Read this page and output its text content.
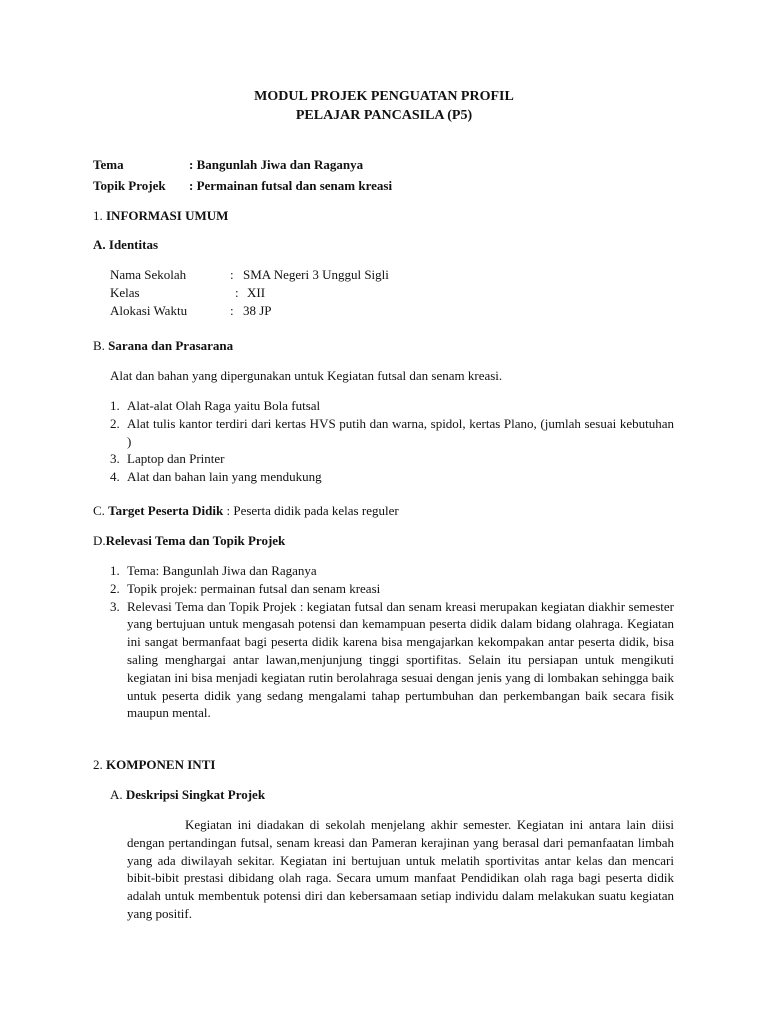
MODUL PROJEK PENGUATAN PROFIL
PELAJAR PANCASILA (P5)
Tema	: Bangunlah Jiwa dan Raganya
Topik Projek : Permainan futsal dan senam kreasi
1. INFORMASI UMUM
A. Identitas
Nama Sekolah	: SMA Negeri 3 Unggul Sigli
Kelas	: XII
Alokasi Waktu	: 38 JP
B. Sarana dan Prasarana
Alat dan bahan yang dipergunakan untuk Kegiatan futsal dan senam kreasi.
1. Alat-alat Olah Raga yaitu Bola futsal
2. Alat tulis kantor terdiri dari kertas HVS putih dan warna, spidol, kertas Plano, (jumlah sesuai kebutuhan )
3. Laptop dan Printer
4. Alat dan bahan lain yang mendukung
C. Target Peserta Didik : Peserta didik pada kelas reguler
D.Relevasi Tema dan Topik Projek
1. Tema: Bangunlah Jiwa dan Raganya
2. Topik projek: permainan futsal dan senam kreasi
3. Relevasi Tema dan Topik Projek : kegiatan futsal dan senam kreasi merupakan kegiatan diakhir semester yang bertujuan untuk mengasah potensi dan kemampuan peserta didik dalam bidang olahraga. Kegiatan ini sangat bermanfaat bagi peserta didik karena bisa mengajarkan kekompakan antar peserta didik, bisa saling menghargai antar lawan,menjunjung tinggi sportifitas. Selain itu persiapan untuk mengikuti kegiatan ini bisa menjadi kegiatan rutin berolahraga sesuai dengan jenis yang di lombakan sehingga baik untuk peserta didik yang sedang mengalami tahap pertumbuhan dan perkembangan baik secara fisik maupun mental.
2. KOMPONEN INTI
A. Deskripsi Singkat Projek

Kegiatan ini diadakan di sekolah menjelang akhir semester. Kegiatan ini antara lain diisi dengan pertandingan futsal, senam kreasi dan Pameran kerajinan yang berasal dari pemanfaatan limbah yang ada diwilayah sekitar. Kegiatan ini bertujuan untuk melatih sportivitas antar kelas dan mencari bibit-bibit prestasi dibidang olah raga. Secara umum manfaat Pendidikan olah raga bagi peserta didik adalah untuk membentuk potensi diri dan kebersamaan setiap individu dalam melakukan suatu kegiatan yang positif.
